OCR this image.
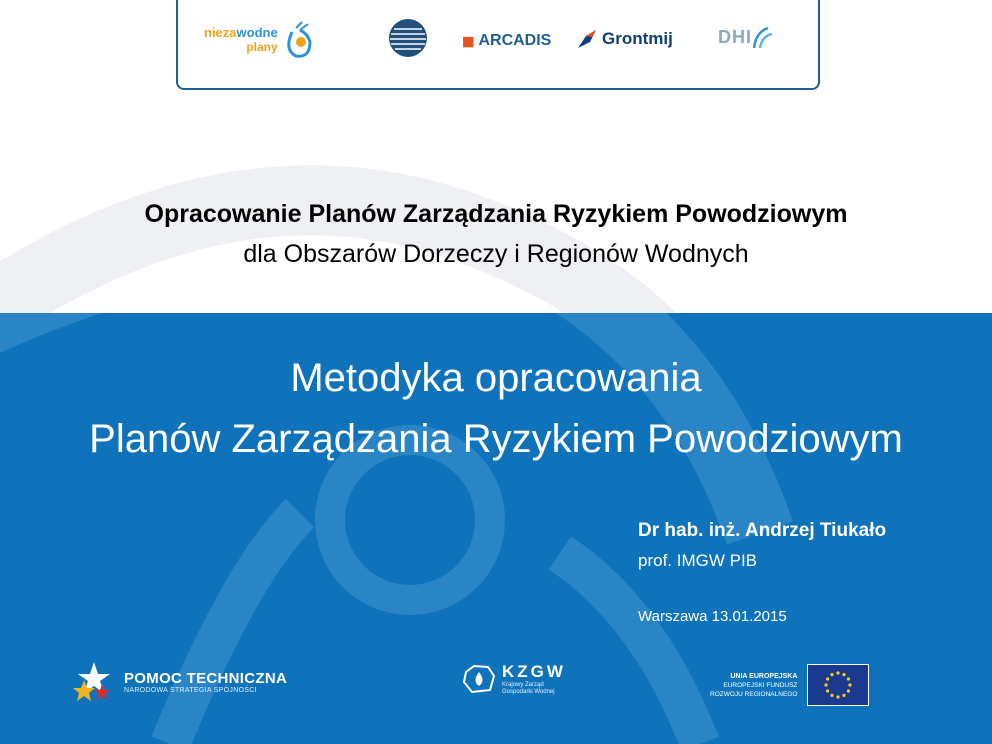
niezawodne
plany	◼ ARCADIS	Grontmij	DHI
Opracowanie Planów Zarządzania Ryzykiem Powodziowym
dla Obszarów Dorzeczy i Regionów Wodnych
Metodyka opracowania
Planów Zarządzania Ryzykiem Powodziowym
Dr hab. inż. Andrzej Tiukało
prof. IMGW PIB
Warszawa 13.01.2015
POMOC TECHNICZNA
NARODOWA STRATEGIA SPÓJNOŚCI
KZGW
Krajowy Zarząd
Gospodarki Wodnej
UNIA EUROPEJSKA
EUROPEJSKI FUNDUSZ
ROZWOJU REGIONALNEGO
